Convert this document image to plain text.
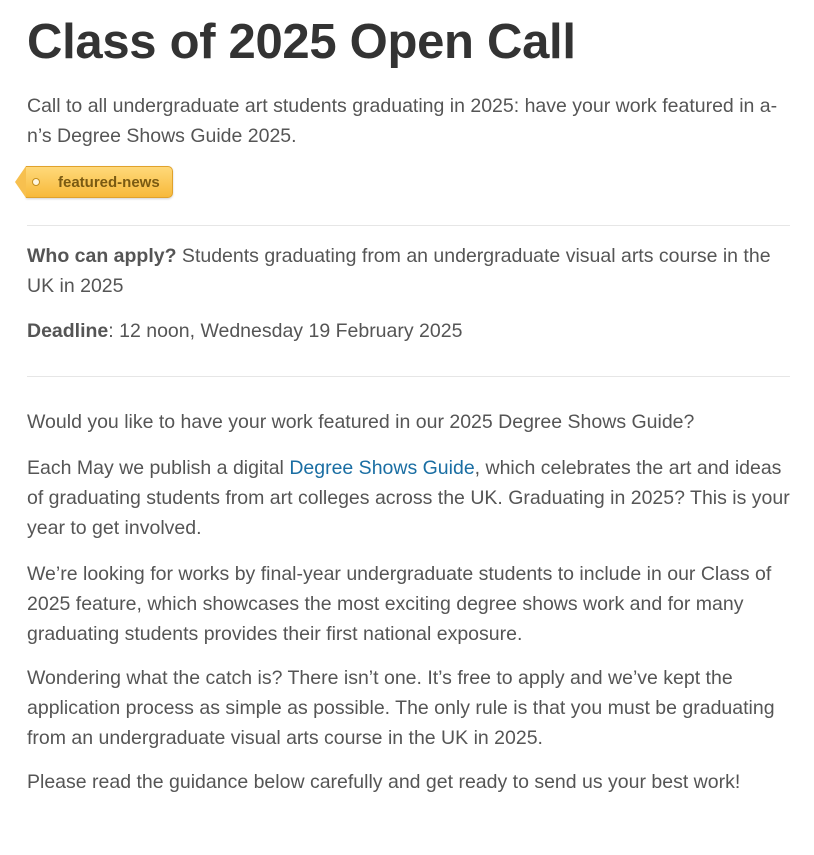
Class of 2025 Open Call

Call to all undergraduate art students graduating in 2025: have your work featured in a-n’s Degree Shows Guide 2025.

featured-news

Who can apply? Students graduating from an undergraduate visual arts course in the UK in 2025

Deadline: 12 noon, Wednesday 19 February 2025

Would you like to have your work featured in our 2025 Degree Shows Guide?

Each May we publish a digital Degree Shows Guide, which celebrates the art and ideas of graduating students from art colleges across the UK. Graduating in 2025? This is your year to get involved.

We’re looking for works by final-year undergraduate students to include in our Class of 2025 feature, which showcases the most exciting degree shows work and for many graduating students provides their first national exposure.

Wondering what the catch is? There isn’t one. It’s free to apply and we’ve kept the application process as simple as possible. The only rule is that you must be graduating from an undergraduate visual arts course in the UK in 2025.

Please read the guidance below carefully and get ready to send us your best work!
